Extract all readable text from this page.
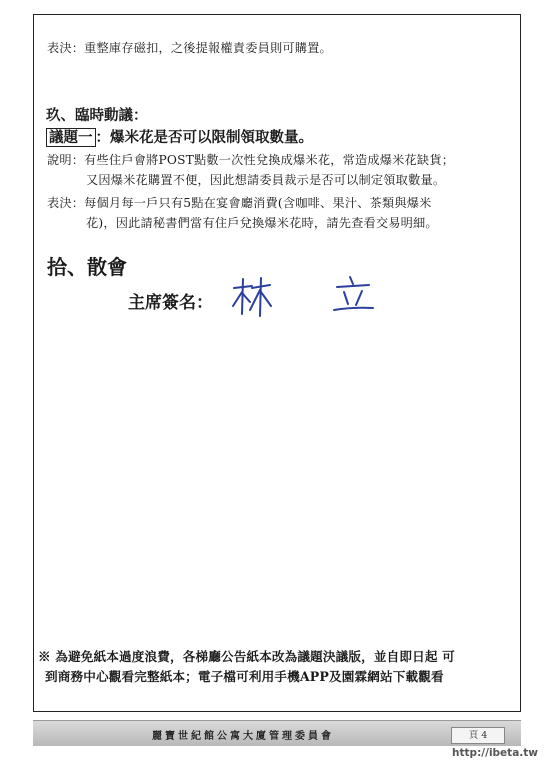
表決：重整庫存磁扣，之後提報權責委員則可購置。
玖、臨時動議：
議題一 ：爆米花是否可以限制領取數量。
說明：有些住戶會將POST點數一次性兌換成爆米花，常造成爆米花缺貨；
又因爆米花購置不便，因此想請委員裁示是否可以制定領取數量。
表決：每個月每一戶只有5點在宴會廳消費(含咖啡、果汁、茶類與爆米
花)，因此請秘書們當有住戶兌換爆米花時，請先查看交易明細。
拾、散會
主席簽名：
※ 為避免紙本過度浪費，各梯廳公告紙本改為議題決議版，並自即日起 可
到商務中心觀看完整紙本；電子檔可利用手機APP及園霖網站下載觀看
麗寶世紀館公寓大廈管理委員會	頁 4
http://ibeta.tw
